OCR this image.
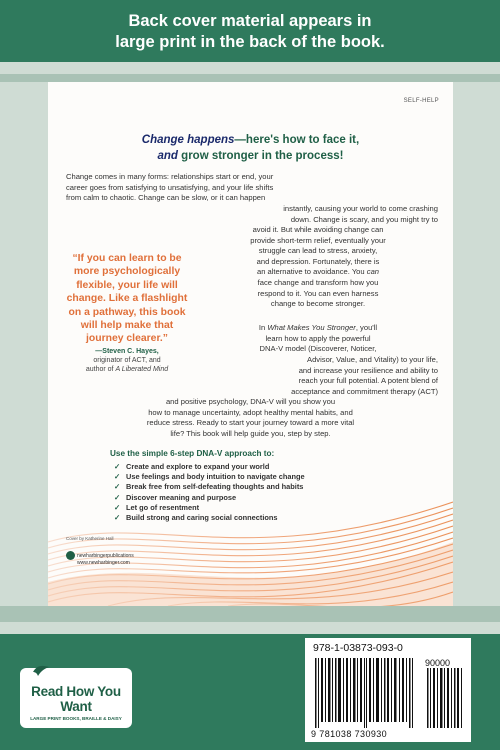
Back cover material appears in
large print in the back of the book.
SELF-HELP
Change happens—here's how to face it,
and grow stronger in the process!
Change comes in many forms: relationships start or end, your
career goes from satisfying to unsatisfying, and your life shifts
from calm to chaotic. Change can be slow, or it can happen
instantly, causing your world to come crashing
down. Change is scary, and you might try to
avoid it. But while avoiding change can
provide short-term relief, eventually your
struggle can lead to stress, anxiety,
and depression. Fortunately, there is
an alternative to avoidance. You can
face change and transform how you
respond to it. You can even harness
change to become stronger.
“If you can learn to be more psychologically flexible, your life will change. Like a flashlight on a pathway, this book will help make that journey clearer.”
—Steven C. Hayes,
originator of ACT, and
author of A Liberated Mind
In What Makes You Stronger, you'll
learn how to apply the powerful
DNA-V model (Discoverer, Noticer,
Advisor, Value, and Vitality) to your life,
and increase your resilience and ability to
reach your full potential. A potent blend of
acceptance and commitment therapy (ACT)
and positive psychology, DNA-V will you show you
how to manage uncertainty, adopt healthy mental habits, and
reduce stress. Ready to start your journey toward a more vital
life? This book will help guide you, step by step.
Use the simple 6-step DNA-V approach to:
✓ Create and explore to expand your world
✓ Use feelings and body intuition to navigate change
✓ Break free from self-defeating thoughts and habits
✓ Discover meaning and purpose
✓ Let go of resentment
✓ Build strong and caring social connections
Cover by Katherine Hall
newharbingerpublications
www.newharbinger.com
Read How You Want
LARGE PRINT BOOKS, BRAILLE & DAISY
978-1-03873-093-0
90000
9 781038 730930
